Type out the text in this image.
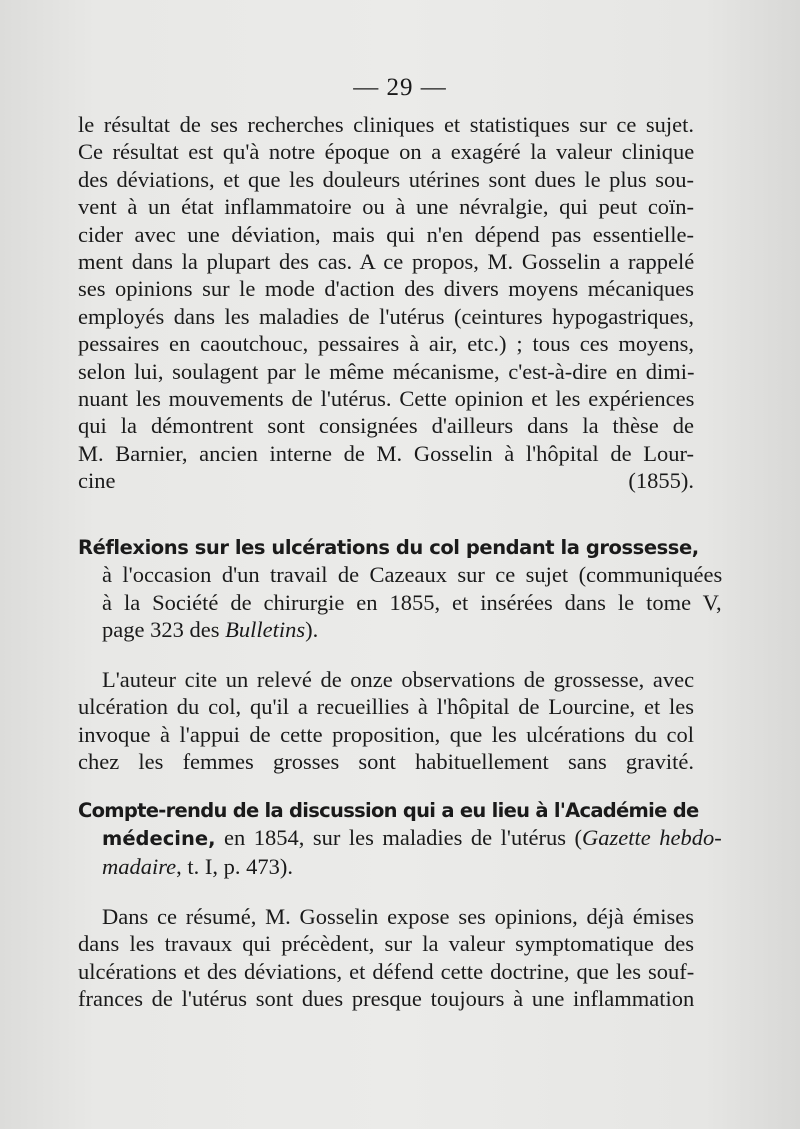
— 29 —
le résultat de ses recherches cliniques et statistiques sur ce sujet.
Ce résultat est qu'à notre époque on a exagéré la valeur clinique
des déviations, et que les douleurs utérines sont dues le plus sou-
vent à un état inflammatoire ou à une névralgie, qui peut coïn-
cider avec une déviation, mais qui n'en dépend pas essentielle-
ment dans la plupart des cas. A ce propos, M. Gosselin a rappelé
ses opinions sur le mode d'action des divers moyens mécaniques
employés dans les maladies de l'utérus (ceintures hypogastriques,
pessaires en caoutchouc, pessaires à air, etc.) ; tous ces moyens,
selon lui, soulagent par le même mécanisme, c'est-à-dire en dimi-
nuant les mouvements de l'utérus. Cette opinion et les expériences
qui la démontrent sont consignées d'ailleurs dans la thèse de
M. Barnier, ancien interne de M. Gosselin à l'hôpital de Lour-
cine (1855).
Réflexions sur les ulcérations du col pendant la grossesse,
à l'occasion d'un travail de Cazeaux sur ce sujet (communiquées
à la Société de chirurgie en 1855, et insérées dans le tome V,
page 323 des Bulletins).
L'auteur cite un relevé de onze observations de grossesse, avec
ulcération du col, qu'il a recueillies à l'hôpital de Lourcine, et les
invoque à l'appui de cette proposition, que les ulcérations du col
chez les femmes grosses sont habituellement sans gravité.
Compte-rendu de la discussion qui a eu lieu à l'Académie de
médecine, en 1854, sur les maladies de l'utérus (Gazette hebdo-
madaire, t. I, p. 473).
Dans ce résumé, M. Gosselin expose ses opinions, déjà émises
dans les travaux qui précèdent, sur la valeur symptomatique des
ulcérations et des déviations, et défend cette doctrine, que les souf-
frances de l'utérus sont dues presque toujours à une inflammation
